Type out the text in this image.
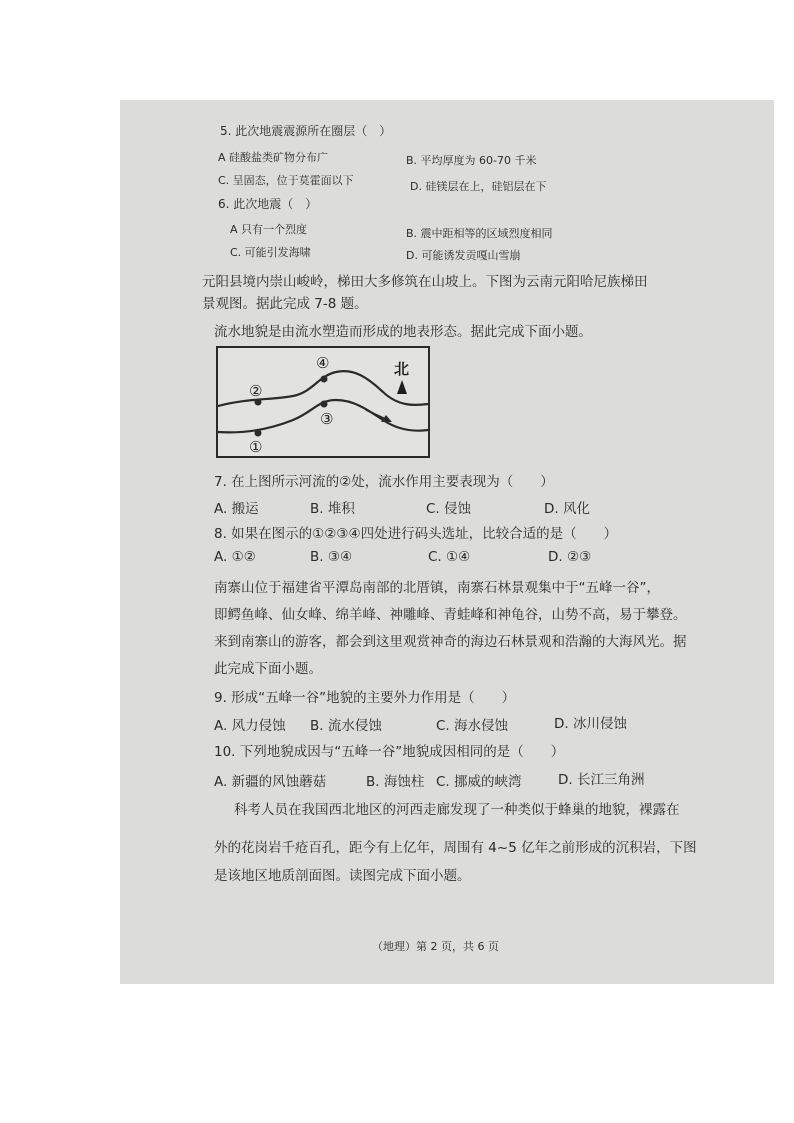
5. 此次地震震源所在圈层（　）
A 硅酸盐类矿物分布广	B. 平均厚度为 60-70 千米
C. 呈固态，位于莫霍面以下	D. 硅镁层在上，硅铝层在下
6. 此次地震（　）
A 只有一个烈度	B. 震中距相等的区域烈度相同
C. 可能引发海啸	D. 可能诱发贡嘎山雪崩
元阳县境内崇山峻岭，梯田大多修筑在山坡上。下图为云南元阳哈尼族梯田
景观图。据此完成 7-8 题。
流水地貌是由流水塑造而形成的地表形态。据此完成下面小题。
②
①
④
③
北
7. 在上图所示河流的②处，流水作用主要表现为（　　）
A. 搬运	B. 堆积	C. 侵蚀	D. 风化
8. 如果在图示的①②③④四处进行码头选址，比较合适的是（　　）
A. ①②	B. ③④	C. ①④	D. ②③
南寨山位于福建省平潭岛南部的北厝镇，南寨石林景观集中于“五峰一谷”，
即鳄鱼峰、仙女峰、绵羊峰、神雕峰、青蛙峰和神龟谷，山势不高，易于攀登。
来到南寨山的游客，都会到这里观赏神奇的海边石林景观和浩瀚的大海风光。据
此完成下面小题。
9. 形成“五峰一谷”地貌的主要外力作用是（　　）
A. 风力侵蚀 B. 流水侵蚀	C. 海水侵蚀	D. 冰川侵蚀
10. 下列地貌成因与“五峰一谷”地貌成因相同的是（　　）
A. 新疆的风蚀蘑菇	B. 海蚀柱 C. 挪威的峡湾	D. 长江三角洲
科考人员在我国西北地区的河西走廊发现了一种类似于蜂巢的地貌，裸露在
外的花岗岩千疮百孔，距今有上亿年，周围有 4~5 亿年之前形成的沉积岩，下图
是该地区地质剖面图。读图完成下面小题。
（地理）第 2 页，共 6 页
